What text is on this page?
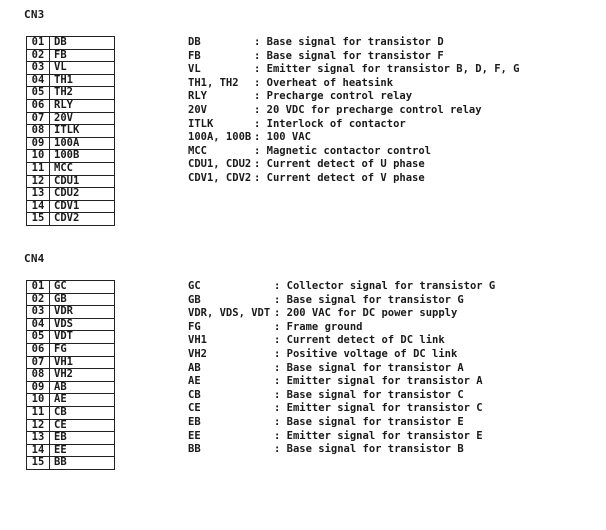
CN3
01	DB
02	FB
03	VL
04	TH1
05	TH2
06	RLY
07	20V
08	ITLK
09	100A
10	100B
11	MCC
12	CDU1
13	CDU2
14	CDV1
15	CDV2
DB	: Base signal for transistor D
FB	: Base signal for transistor F
VL	: Emitter signal for transistor B, D, F, G
TH1, TH2 : Overheat of heatsink
RLY	: Precharge control relay
20V	: 20 VDC for precharge control relay
ITLK	: Interlock of contactor
100A, 100B : 100 VAC
MCC	: Magnetic contactor control
CDU1, CDU2 : Current detect of U phase
CDV1, CDV2 : Current detect of V phase
CN4
01	GC
02	GB
03	VDR
04	VDS
05	VDT
06	FG
07	VH1
08	VH2
09	AB
10	AE
11	CB
12	CE
13	EB
14	EE
15	BB
GC	: Collector signal for transistor G
GB	: Base signal for transistor G
VDR, VDS, VDT : 200 VAC for DC power supply
FG	: Frame ground
VH1	: Current detect of DC link
VH2	: Positive voltage of DC link
AB	: Base signal for transistor A
AE	: Emitter signal for transistor A
CB	: Base signal for transistor C
CE	: Emitter signal for transistor C
EB	: Base signal for transistor E
EE	: Emitter signal for transistor E
BB	: Base signal for transistor B
